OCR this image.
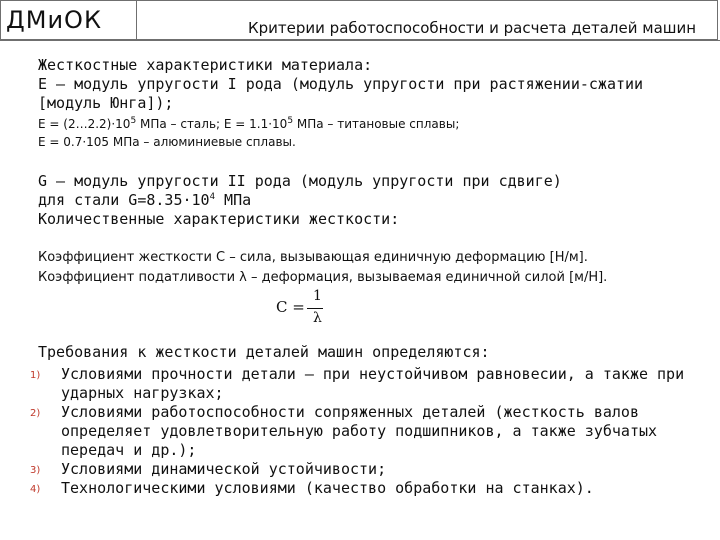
ДМиОК	Критерии работоспособности и расчета деталей машин
Жесткостные характеристики материала:
E – модуль упругости I рода (модуль упругости при растяжении-сжатии
[модуль Юнга]);
$E = (2\dots 2.2)\cdot 10^5$ МПа – сталь; $E = 1.1\cdot 10^5$ МПа – титановые сплавы;
E = 0.7·105 МПа – алюминиевые сплавы.
G – модуль упругости II рода (модуль упругости при сдвиге)
для стали $G=8.35\cdot 10^4$ МПа
Количественные характеристики жесткости:
Коэффициент жесткости C – сила, вызывающая единичную деформацию [Н/м].
Коэффициент податливости λ – деформация, вызываемая единичной силой [м/Н].
C =
1
λ
Требования к жесткости деталей машин определяются:
1)	Условиями прочности детали – при неустойчивом равновесии, а также при
ударных нагрузках;
2)	Условиями работоспособности сопряженных деталей (жесткость валов
определяет удовлетворительную работу подшипников, а также зубчатых
передач и др.);
3)	Условиями динамической устойчивости;
4)	Технологическими условиями (качество обработки на станках).
